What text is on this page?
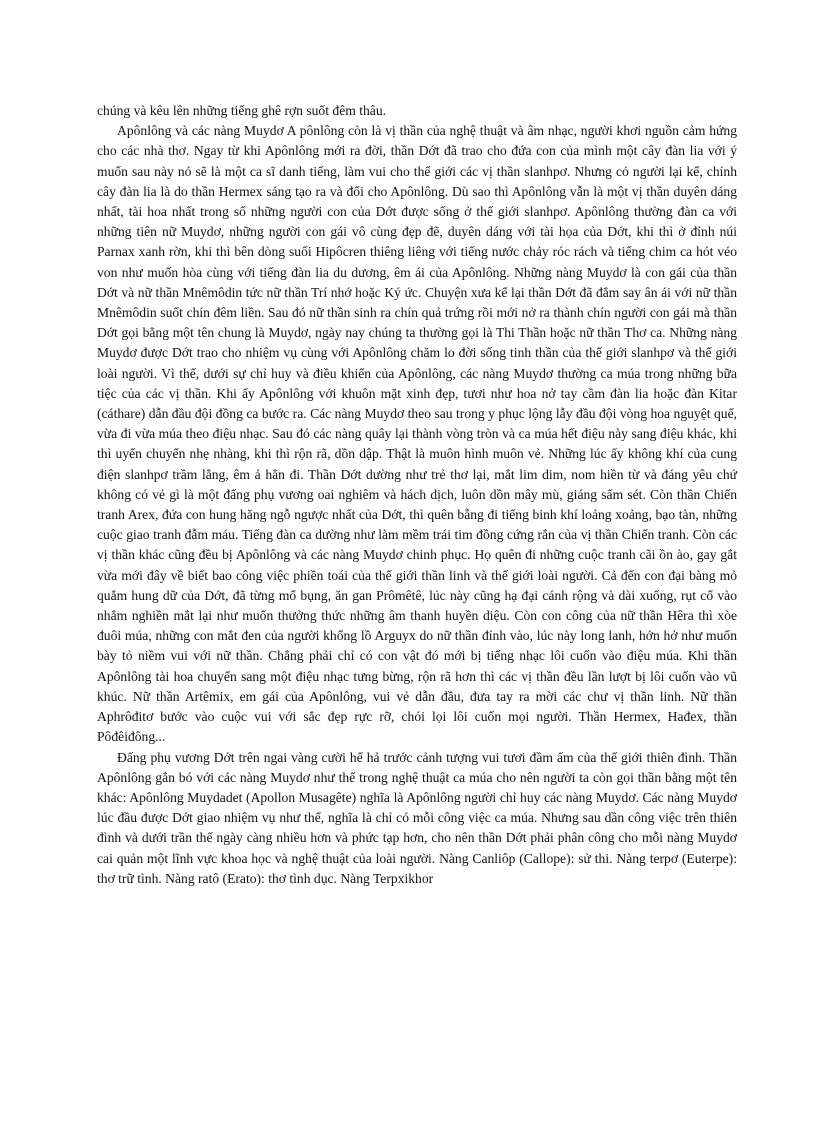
chúng và kêu lên những tiếng ghê rợn suốt đêm thâu.

Apônlông và các nàng Muydơ A pônlông còn là vị thần của nghệ thuật và âm nhạc, người khơi nguồn cảm hứng cho các nhà thơ. Ngay từ khi Apônlông mới ra đời, thần Dớt đã trao cho đứa con của mình một cây đàn lia với ý muốn sau này nó sẽ là một ca sĩ danh tiếng, làm vui cho thế giới các vị thần slanhpơ. Nhưng có người lại kể, chính cây đàn lia là do thần Hermex sáng tạo ra và đổi cho Apônlông. Dù sao thì Apônlông vẫn là một vị thần duyên dáng nhất, tài hoa nhất trong số những người con của Dớt được sống ở thế giới slanhpơ. Apônlông thường đàn ca với những tiên nữ Muydơ, những người con gái vô cùng đẹp đẽ, duyên dáng với tài họa của Dớt, khi thì ở đỉnh núi Parnax xanh rờn, khi thì bên dòng suối Hipôcren thiêng liêng với tiếng nước chảy róc rách và tiếng chim ca hót véo von như muốn hòa cùng với tiếng đàn lia du dương, êm ái của Apônlông. Những nàng Muydơ là con gái của thần Dớt và nữ thần Mnêmôdin tức nữ thần Trí nhớ hoặc Ký ức. Chuyện xưa kể lại thần Dớt đã đắm say ân ái với nữ thần Mnêmôdin suốt chín đêm liền. Sau đó nữ thần sinh ra chín quả trứng rồi mới nở ra thành chín người con gái mà thần Dớt gọi bằng một tên chung là Muydơ, ngày nay chúng ta thường gọi là Thi Thần hoặc nữ thần Thơ ca. Những nàng Muydơ được Dớt trao cho nhiệm vụ cùng với Apônlông chăm lo đời sống tinh thần của thế giới slanhpơ và thế giới loài người. Vì thế, dưới sự chỉ huy và điều khiển của Apônlông, các nàng Muydơ thường ca múa trong những bữa tiệc của các vị thần. Khi ấy Apônlông với khuôn mặt xinh đẹp, tươi như hoa nở tay cầm đàn lia hoặc đàn Kitar (cáthare) dẫn đầu đội đồng ca bước ra. Các nàng Muydơ theo sau trong y phục lộng lẫy đầu đội vòng hoa nguyệt quế, vừa đi vừa múa theo điệu nhạc. Sau đó các nàng quây lại thành vòng tròn và ca múa hết điệu này sang điệu khác, khi thì uyển chuyển nhẹ nhàng, khi thì rộn rã, dồn dập. Thật là muôn hình muôn vẻ. Những lúc ấy không khí của cung điện slanhpơ trầm lắng, êm ả hẳn đi. Thần Dớt dường như trẻ thơ lại, mắt lim dim, nom hiền từ và đáng yêu chứ không có vẻ gì là một đấng phụ vương oai nghiêm và hách dịch, luôn dồn mây mù, giáng sấm sét. Còn thần Chiến tranh Arex, đứa con hung hăng ngỗ ngược nhất của Dớt, thì quên bẵng đi tiếng binh khí loảng xoảng, bạo tàn, những cuộc giao tranh đẫm máu. Tiếng đàn ca dường như làm mềm trái tim đồng cứng rắn của vị thần Chiến tranh. Còn các vị thần khác cũng đều bị Apônlông và các nàng Muydơ chinh phục. Họ quên đi những cuộc tranh cãi ồn ào, gay gắt vừa mới đây về biết bao công việc phiền toái của thế giới thần linh và thế giới loài người. Cả đến con đại bàng mỏ quắm hung dữ của Dớt, đã từng mổ bụng, ăn gan Prômêtê, lúc này cũng hạ đại cánh rộng và dài xuống, rụt cổ vào nhắm nghiền mắt lại như muốn thưởng thức những âm thanh huyền diệu. Còn con công của nữ thần Hêra thì xòe đuôi múa, những con mắt đen của người khổng lồ Arguyx do nữ thần đính vào, lúc này long lanh, hớn hở như muốn bày tỏ niềm vui với nữ thần. Chẳng phải chỉ có con vật đó mới bị tiếng nhạc lôi cuốn vào điệu múa. Khi thần Apônlông tài hoa chuyển sang một điệu nhạc tưng bừng, rộn rã hơn thì các vị thần đều lần lượt bị lôi cuốn vào vũ khúc. Nữ thần Artêmix, em gái của Apônlông, vui vẻ dẫn đầu, đưa tay ra mời các chư vị thần linh. Nữ thần Aphrôđitơ bước vào cuộc vui với sắc đẹp rực rỡ, chói lọi lôi cuốn mọi người. Thần Hermex, Hađex, thần Pôđêiđông...

Đấng phụ vương Dớt trên ngai vàng cười hể hả trước cảnh tượng vui tươi đầm ấm của thế giới thiên đình. Thần Apônlông gắn bó với các nàng Muydơ như thế trong nghệ thuật ca múa cho nên người ta còn gọi thần bằng một tên khác: Apônlông Muydadet (Apollon Musagête) nghĩa là Apônlông người chỉ huy các nàng Muydơ. Các nàng Muydơ lúc đầu được Dớt giao nhiệm vụ như thế, nghĩa là chỉ có mỗi công việc ca múa. Nhưng sau dần công việc trên thiên đình và dưới trần thế ngày càng nhiều hơn và phức tạp hơn, cho nên thần Dớt phải phân công cho mỗi nàng Muydơ cai quản một lĩnh vực khoa học và nghệ thuật của loài người. Nàng Canliôp (Callope): sử thi. Nàng terpơ (Euterpe): thơ trữ tình. Nàng ratô (Erato): thơ tình dục. Nàng Terpxikhor
